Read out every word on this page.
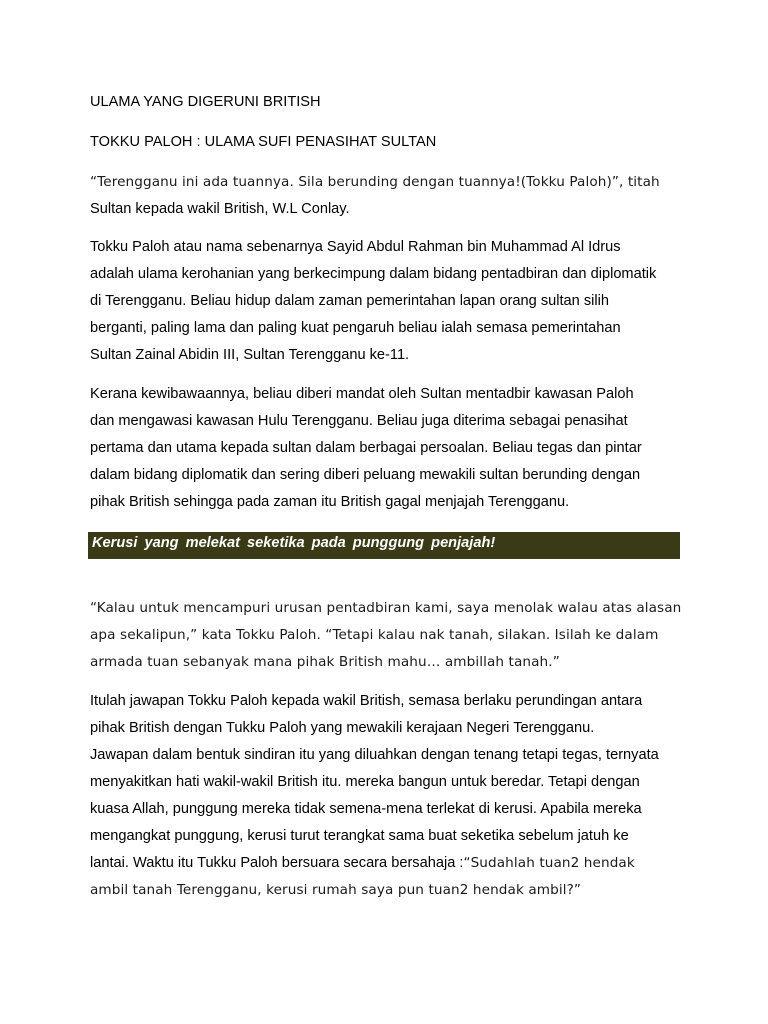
ULAMA YANG DIGERUNI BRITISH
TOKKU PALOH : ULAMA SUFI PENASIHAT SULTAN
“Terengganu ini ada tuannya. Sila berunding dengan tuannya!(Tokku Paloh)”, titah
Sultan kepada wakil British, W.L Conlay.
Tokku Paloh atau nama sebenarnya Sayid Abdul Rahman bin Muhammad Al Idrus
adalah ulama kerohanian yang berkecimpung dalam bidang pentadbiran dan diplomatik
di Terengganu. Beliau hidup dalam zaman pemerintahan lapan orang sultan silih
berganti, paling lama dan paling kuat pengaruh beliau ialah semasa pemerintahan
Sultan Zainal Abidin III, Sultan Terengganu ke-11.
Kerana kewibawaannya, beliau diberi mandat oleh Sultan mentadbir kawasan Paloh
dan mengawasi kawasan Hulu Terengganu. Beliau juga diterima sebagai penasihat
pertama dan utama kepada sultan dalam berbagai persoalan. Beliau tegas dan pintar
dalam bidang diplomatik dan sering diberi peluang mewakili sultan berunding dengan
pihak British sehingga pada zaman itu British gagal menjajah Terengganu.
Kerusi yang melekat seketika pada punggung penjajah!
“Kalau untuk mencampuri urusan pentadbiran kami, saya menolak walau atas alasan
apa sekalipun,” kata Tokku Paloh. “Tetapi kalau nak tanah, silakan. Isilah ke dalam
armada tuan sebanyak mana pihak British mahu… ambillah tanah.”
Itulah jawapan Tokku Paloh kepada wakil British, semasa berlaku perundingan antara
pihak British dengan Tukku Paloh yang mewakili kerajaan Negeri Terengganu.
Jawapan dalam bentuk sindiran itu yang diluahkan dengan tenang tetapi tegas, ternyata
menyakitkan hati wakil-wakil British itu. mereka bangun untuk beredar. Tetapi dengan
kuasa Allah, punggung mereka tidak semena-mena terlekat di kerusi. Apabila mereka
mengangkat punggung, kerusi turut terangkat sama buat seketika sebelum jatuh ke
lantai. Waktu itu Tukku Paloh bersuara secara bersahaja :“Sudahlah tuan2 hendak
ambil tanah Terengganu, kerusi rumah saya pun tuan2 hendak ambil?”
